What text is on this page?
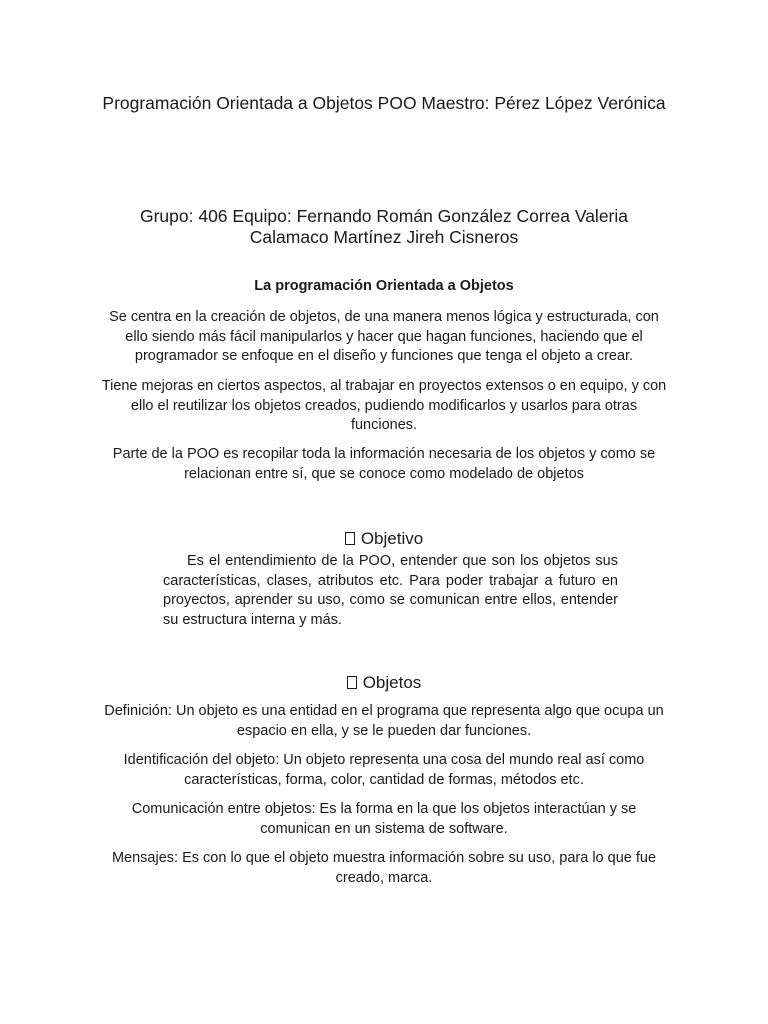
Programación Orientada a Objetos POO Maestro: Pérez López Verónica
Grupo: 406 Equipo: Fernando Román González Correa Valeria Calamaco Martínez Jireh Cisneros
La programación Orientada a Objetos

Se centra en la creación de objetos, de una manera menos lógica y estructurada, con ello siendo más fácil manipularlos y hacer que hagan funciones, haciendo que el programador se enfoque en el diseño y funciones que tenga el objeto a crear.

Tiene mejoras en ciertos aspectos, al trabajar en proyectos extensos o en equipo, y con ello el reutilizar los objetos creados, pudiendo modificarlos y usarlos para otras funciones.

Parte de la POO es recopilar toda la información necesaria de los objetos y como se relacionan entre sí, que se conoce como modelado de objetos

Objetivo

Es el entendimiento de la POO, entender que son los objetos sus características, clases, atributos etc. Para poder trabajar a futuro en proyectos, aprender su uso, como se comunican entre ellos, entender su estructura interna y más.

Objetos

Definición: Un objeto es una entidad en el programa que representa algo que ocupa un espacio en ella, y se le pueden dar funciones.

Identificación del objeto: Un objeto representa una cosa del mundo real así como características, forma, color, cantidad de formas, métodos etc.

Comunicación entre objetos: Es la forma en la que los objetos interactúan y se comunican en un sistema de software.

Mensajes: Es con lo que el objeto muestra información sobre su uso, para lo que fue creado, marca.
